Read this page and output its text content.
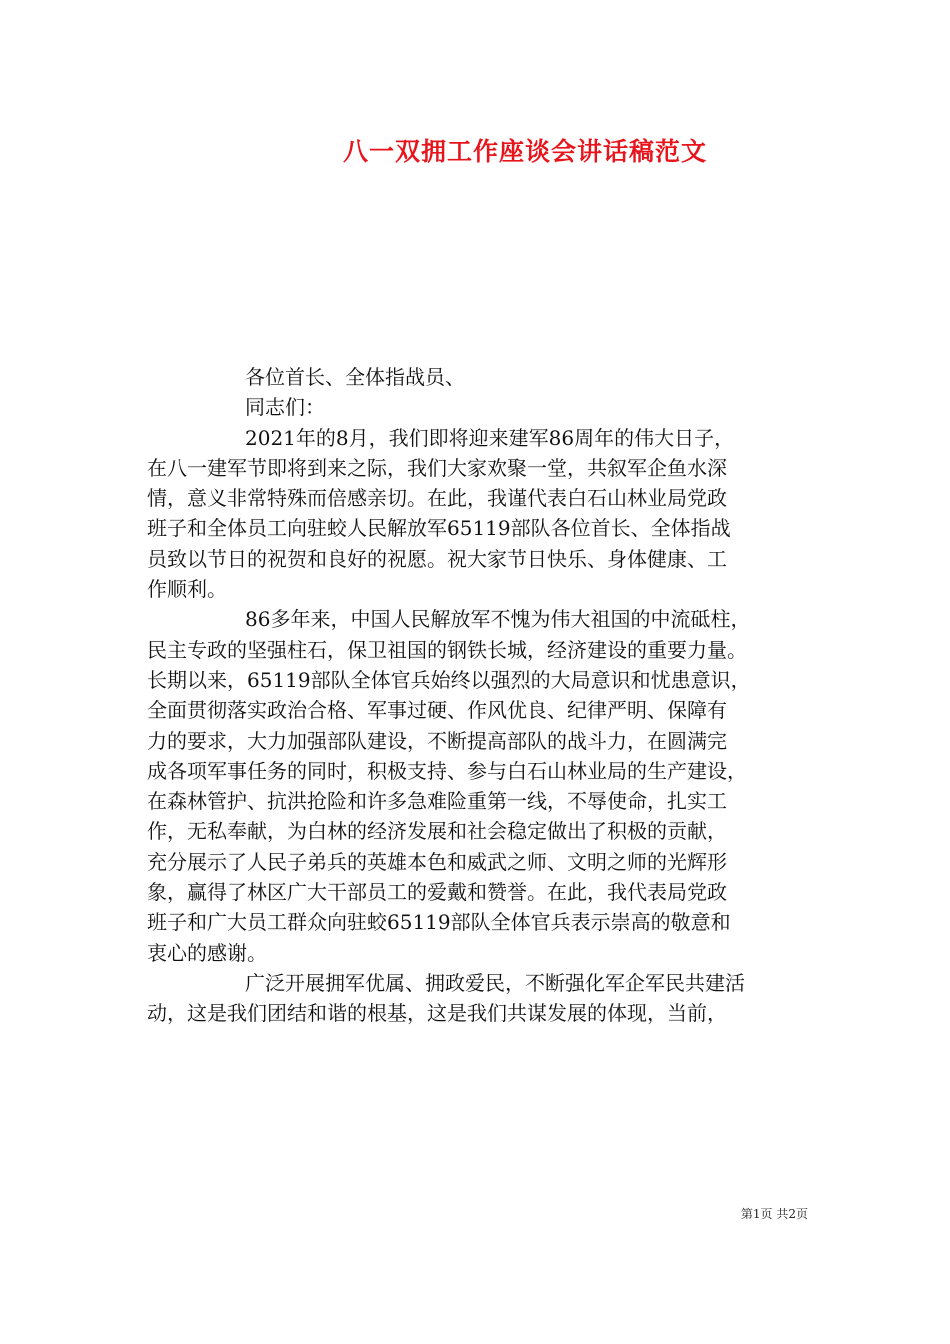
八一双拥工作座谈会讲话稿范文
各位首长、全体指战员、
同志们：
2021年的8月，我们即将迎来建军86周年的伟大日子，
在八一建军节即将到来之际，我们大家欢聚一堂，共叙军企鱼水深
情，意义非常特殊而倍感亲切。在此，我谨代表白石山林业局党政
班子和全体员工向驻蛟人民解放军65119部队各位首长、全体指战
员致以节日的祝贺和良好的祝愿。祝大家节日快乐、身体健康、工
作顺利。
86多年来，中国人民解放军不愧为伟大祖国的中流砥柱，
民主专政的坚强柱石，保卫祖国的钢铁长城，经济建设的重要力量。
长期以来，65119部队全体官兵始终以强烈的大局意识和忧患意识，
全面贯彻落实政治合格、军事过硬、作风优良、纪律严明、保障有
力的要求，大力加强部队建设，不断提高部队的战斗力，在圆满完
成各项军事任务的同时，积极支持、参与白石山林业局的生产建设，
在森林管护、抗洪抢险和许多急难险重第一线，不辱使命，扎实工
作，无私奉献，为白林的经济发展和社会稳定做出了积极的贡献，
充分展示了人民子弟兵的英雄本色和威武之师、文明之师的光辉形
象，赢得了林区广大干部员工的爱戴和赞誉。在此，我代表局党政
班子和广大员工群众向驻蛟65119部队全体官兵表示崇高的敬意和
衷心的感谢。
广泛开展拥军优属、拥政爱民，不断强化军企军民共建活
动，这是我们团结和谐的根基，这是我们共谋发展的体现，当前，
第1页 共2页
